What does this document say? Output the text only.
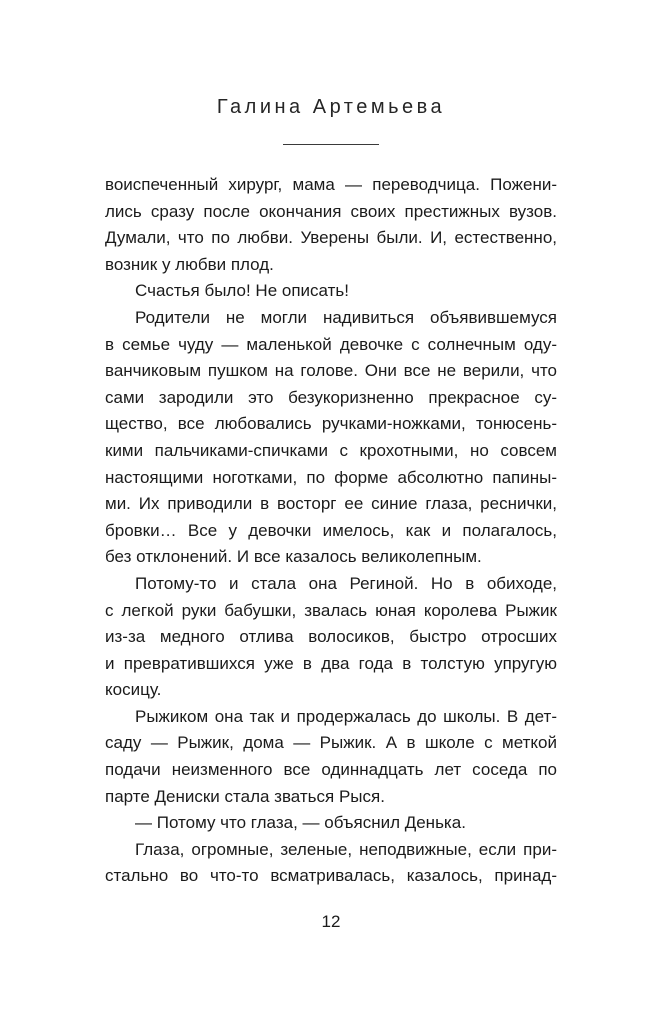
Галина Артемьева
воиспеченный хирург, мама — переводчица. Пожени-
лись сразу после окончания своих престижных вузов.
Думали, что по любви. Уверены были. И, естественно,
возник у любви плод.
Счастья было! Не описать!
Родители не могли надивиться объявившемуся
в семье чуду — маленькой девочке с солнечным оду-
ванчиковым пушком на голове. Они все не верили, что
сами зародили это безукоризненно прекрасное су-
щество, все любовались ручками-ножками, тонюсень-
кими пальчиками-спичками с крохотными, но совсем
настоящими ноготками, по форме абсолютно папины-
ми. Их приводили в восторг ее синие глаза, реснички,
бровки… Все у девочки имелось, как и полагалось,
без отклонений. И все казалось великолепным.
Потому-то и стала она Региной. Но в обиходе,
с легкой руки бабушки, звалась юная королева Рыжик
из-за медного отлива волосиков, быстро отросших
и превратившихся уже в два года в толстую упругую
косицу.
Рыжиком она так и продержалась до школы. В дет-
саду — Рыжик, дома — Рыжик. А в школе с меткой
подачи неизменного все одиннадцать лет соседа по
парте Дениски стала зваться Рыся.
— Потому что глаза, — объяснил Денька.
Глаза, огромные, зеленые, неподвижные, если при-
стально во что-то всматривалась, казалось, принад-
12
